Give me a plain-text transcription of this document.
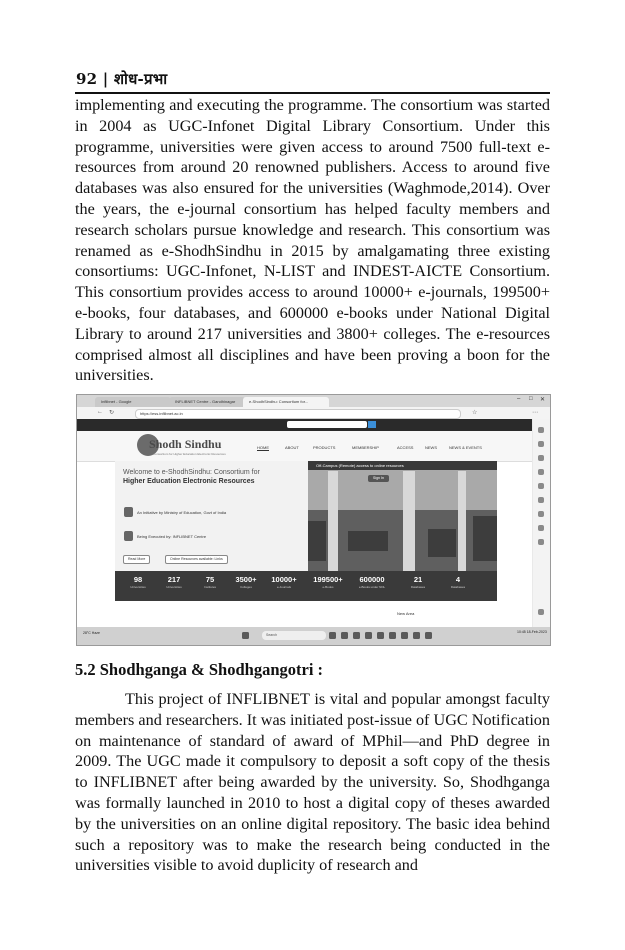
92 | शोध-प्रभा
implementing and executing the programme. The consortium was started in 2004 as UGC-Infonet Digital Library Consortium. Under this programme, universities were given access to around 7500 full-text e-resources from around 20 renowned publishers. Access to around five databases was also ensured for the universities (Waghmode,2014). Over the years, the e-journal consortium has helped faculty members and research scholars pursue knowledge and research. This consortium was renamed as e-ShodhSindhu in 2015 by amalgamating three existing consortiums: UGC-Infonet, N-LIST and INDEST-AICTE Consortium. This consortium provides access to around 10000+ e-journals, 199500+ e-books, four databases, and 600000 e-books under National Digital Library to around 217 universities and 3800+ colleges. The e-resources comprised almost all disciplines and have been proving a boon for the universities.
Inflibnet - Google	INFLIBNET Centre - Gandhinagar	e-ShodhSindhu: Consortium for...	– □ ✕
← ↻	https://ess.inflibnet.ac.in	☆	⋯
Shodh Sindhu
Consortium for Higher Education Electronic Resources
HOME	ABOUT	PRODUCTS	MEMBERSHIP	ACCESS	NEWS	NEWS & EVENTS
Welcome to e-ShodhSindhu: Consortium for
Higher Education Electronic Resources
An Initiative by Ministry of Education, Govt of India
Being Executed by: INFLIBNET Centre
Read More	Online Resources available: Links
Off-Campus (Remote) access to online resources
Sign In
98
Universities
217
Universities
75
Institutes
3500+
Colleges
10000+
e-Journals
199500+
e-Books
600000
e-Books under NDL
21
Databases
4
Databases
New Area
28°C Haze	Search
10:45 18-Feb-2023
5.2 Shodhganga & Shodhgangotri :
This project of INFLIBNET is vital and popular amongst faculty members and researchers. It was initiated post-issue of UGC Notification on maintenance of standard of award of MPhil—and PhD degree in 2009. The UGC made it compulsory to deposit a soft copy of the thesis to INFLIBNET after being awarded by the university. So, Shodhganga was formally launched in 2010 to host a digital copy of theses awarded by the universities on an online digital repository. The basic idea behind such a repository was to make the research being conducted in the universities visible to avoid duplicity of research and
